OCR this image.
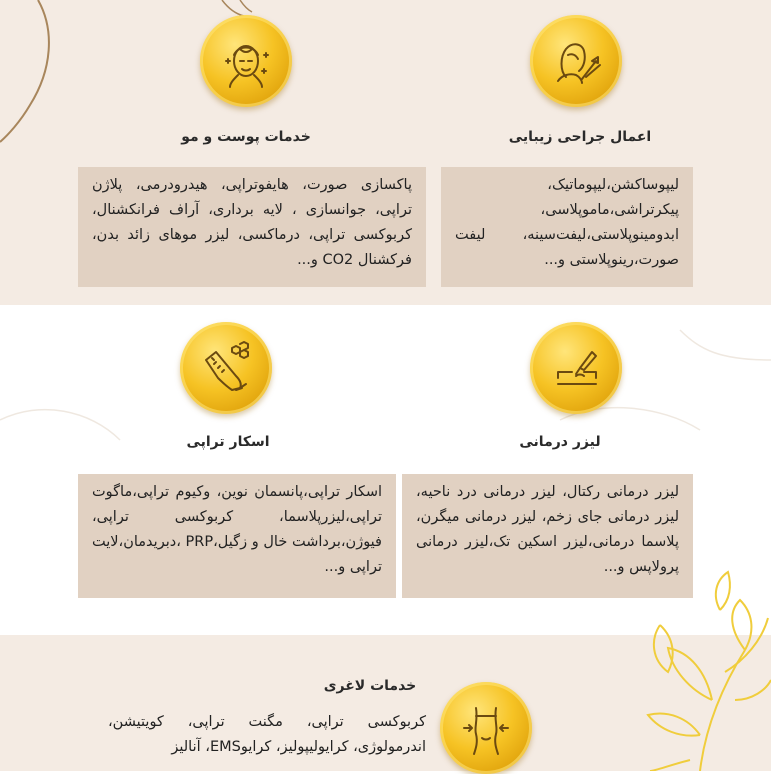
اعمال جراحی زیبایی

لیپوساکشن،لیپوماتیک، پیکرتراشی،ماموپلاسی، ابدومینوپلاستی،لیفت‌سینه، لیفت صورت،رینوپلاستی و...

خدمات پوست و مو

پاکسازی صورت، هایفوتراپی، هیدرودرمی، پلاژن تراپی، جوانسازی ، لایه برداری، آراف فرانکشنال، کربوکسی تراپی، درماکسی، لیزر موهای زائد بدن، فرکشنال CO2 و...

لیزر درمانی

لیزر درمانی رکتال، لیزر درمانی درد ناحیه، لیزر درمانی جای زخم، لیزر درمانی میگرن، پلاسما درمانی،لیزر اسکین تک،لیزر درمانی پرولاپس و...

اسکار تراپی

اسکار تراپی،پانسمان نوین، وکیوم تراپی،ماگوت تراپی،لیزرپلاسما، کربوکسی تراپی، فیوژن،برداشت خال و زگیل،PRP ،دبریدمان،لایت تراپی و...

خدمات لاغری

کربوکسی تراپی، مگنت تراپی، کویتیشن، اندرمولوژی، کرایولیپولیز، کرایوEMS، آنالیز
